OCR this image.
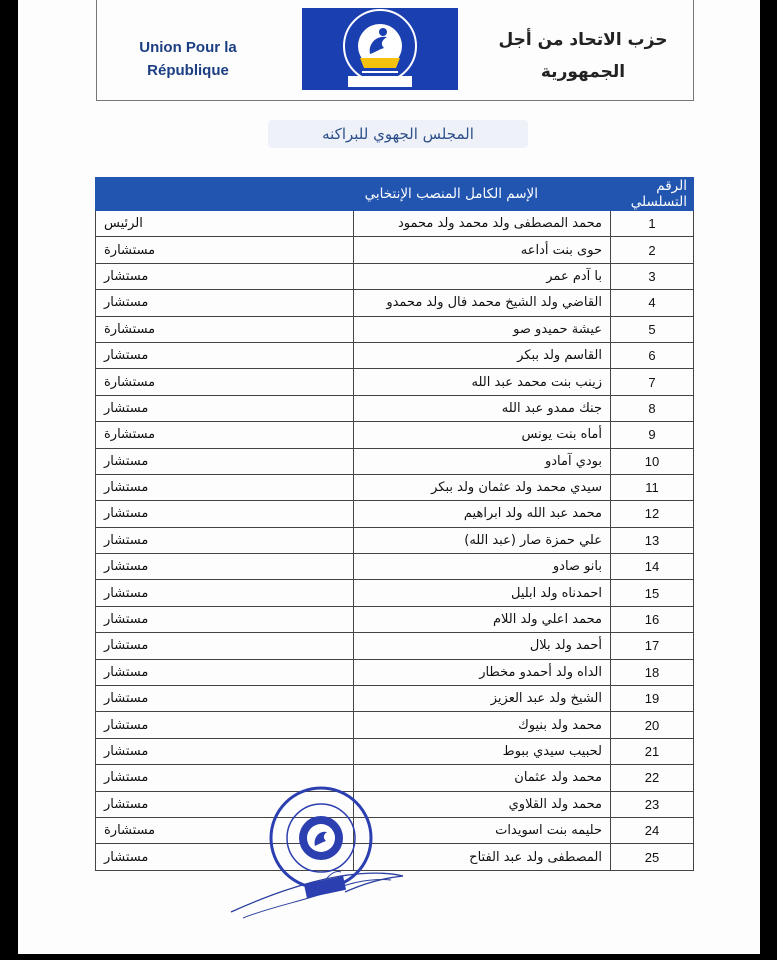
Union Pour la République
حزب الاتحاد من أجل الجمهورية
المجلس الجهوي للبراكنه
الرقم التسلسلي	الإسم الكامل المنصب الإنتخابي	
1	محمد المصطفى ولد محمد ولد محمود	الرئيس
2	حوى بنت أداعه	مستشارة
3	با آدم عمر	مستشار
4	القاضي ولد الشيخ محمد فال ولد محمدو	مستشار
5	عيشة حميدو صو	مستشارة
6	القاسم ولد ببكر	مستشار
7	زينب بنت محمد عبد الله	مستشارة
8	جنك ممدو عبد الله	مستشار
9	أماه بنت يونس	مستشارة
10	بودي آمادو	مستشار
11	سيدي محمد ولد عثمان ولد ببكر	مستشار
12	محمد عبد الله ولد ابراهيم	مستشار
13	علي حمزة صار (عبد الله)	مستشار
14	بانو صادو	مستشار
15	احمدناه ولد ابليل	مستشار
16	محمد اعلي ولد اللام	مستشار
17	أحمد ولد بلال	مستشار
18	الداه ولد أحمدو مخطار	مستشار
19	الشيخ ولد عبد العزيز	مستشار
20	محمد ولد بنيوك	مستشار
21	لحبيب سيدي ببوط	مستشار
22	محمد ولد عثمان	مستشار
23	محمد ولد القلاوي	مستشار
24	حليمه بنت اسويدات	مستشارة
25	المصطفى ولد عبد الفتاح	مستشار
